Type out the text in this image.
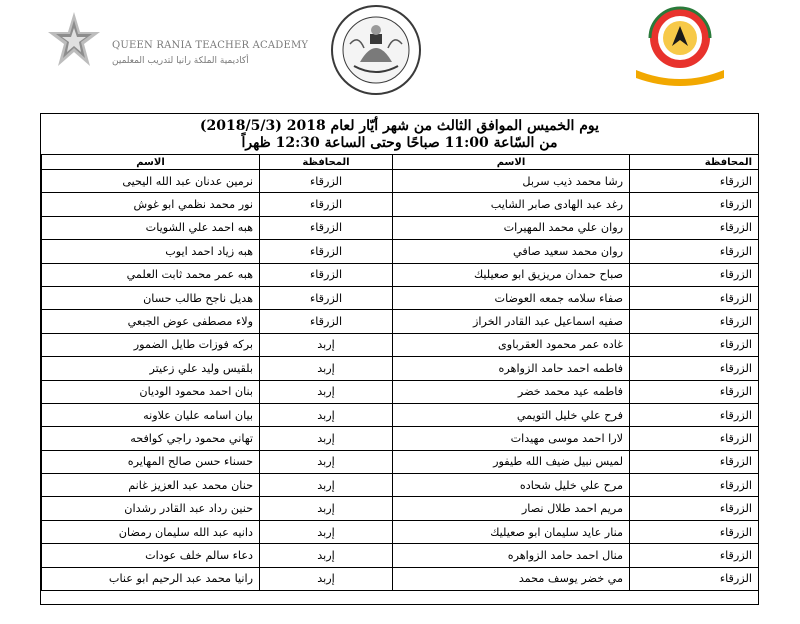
QUEEN RANIA TEACHER ACADEMY
أكاديمية الملكة رانيا لتدريب المعلمين
يوم الخميس الموافق الثالث من شهر أيّار لعام 2018 (2018/5/3)
من السّاعة 11:00 صباحًا وحتى الساعة 12:30 ظهراً
المحافظة	الاسم	المحافظة	الاسم
الزرقاء	رشا محمد ذيب سربل	الزرقاء	نرمين عدنان عبد الله اليحيى
الزرقاء	رغد عبد الهادى صابر الشايب	الزرقاء	نور محمد نظمي ابو غوش
الزرقاء	روان علي محمد المهيرات	الزرقاء	هبه احمد علي الشويات
الزرقاء	روان محمد سعيد صافي	الزرقاء	هبه زياد احمد ايوب
الزرقاء	صباح حمدان مريزيق ابو صعيليك	الزرقاء	هبه عمر محمد ثابت العلمي
الزرقاء	صفاء سلامه جمعه العوضات	الزرقاء	هديل ناجح طالب حسان
الزرقاء	صفيه اسماعيل عبد القادر الخراز	الزرقاء	ولاء مصطفى عوض الجبعي
الزرقاء	غاده عمر محمود العقرباوى	إربد	بركه فوزات طايل الضمور
الزرقاء	فاطمه احمد حامد الزواهره	إربد	بلقيس وليد علي زعيتر
الزرقاء	فاطمه عيد محمد خضر	إربد	بنان احمد محمود الوديان
الزرقاء	فرح علي خليل التويمي	إربد	بيان اسامه عليان علاونه
الزرقاء	لارا احمد موسى مهيدات	إربد	تهاني محمود راجي كوافحه
الزرقاء	لميس نبيل ضيف الله طيفور	إربد	حسناء حسن صالح المهايره
الزرقاء	مرح علي خليل شحاده	إربد	حنان محمد عبد العزيز غانم
الزرقاء	مريم احمد طلال نصار	إربد	حنين رداد عبد القادر رشدان
الزرقاء	منار عايد سليمان ابو صعيليك	إربد	دانيه عبد الله سليمان رمضان
الزرقاء	منال احمد حامد الزواهره	إربد	دعاء سالم خلف عودات
الزرقاء	مي خضر يوسف محمد	إربد	رانيا محمد عبد الرحيم ابو عناب
